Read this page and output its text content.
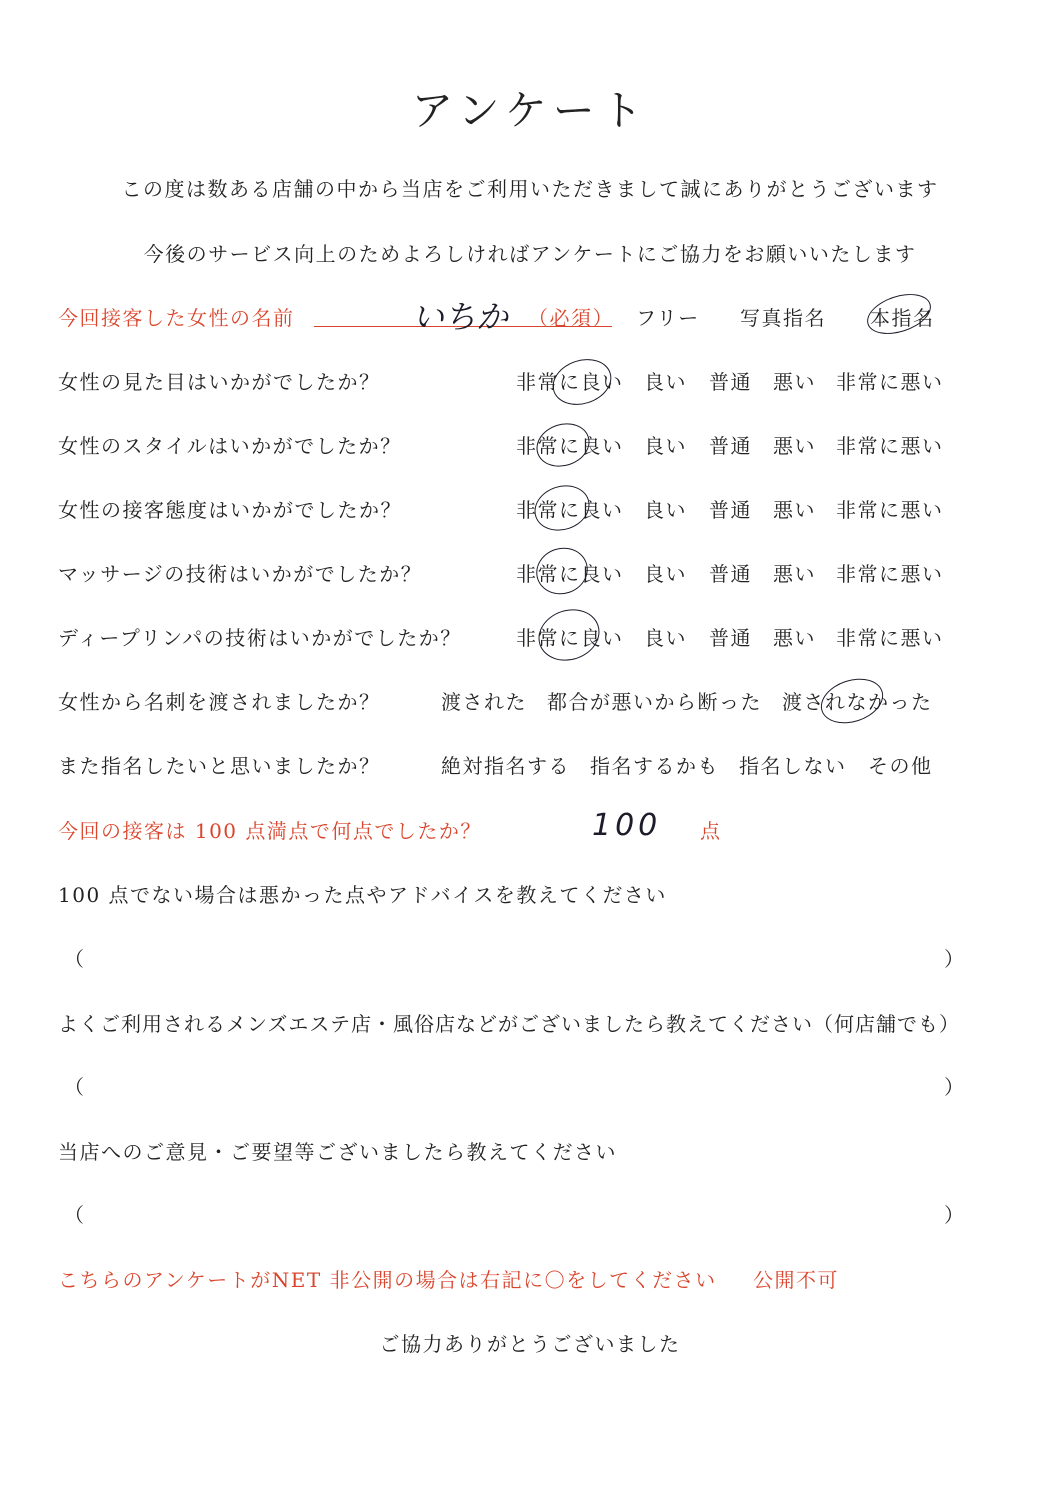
アンケート
この度は数ある店舗の中から当店をご利用いただきまして誠にありがとうございます
今後のサービス向上のためよろしければアンケートにご協力をお願いいたします
今回接客した女性の名前	いちか （必須） フリー 写真指名 本指名
女性の見た目はいかがでしたか？	非常に良い 良い 普通 悪い 非常に悪い
女性のスタイルはいかがでしたか？	非常に良い 良い 普通 悪い 非常に悪い
女性の接客態度はいかがでしたか？	非常に良い 良い 普通 悪い 非常に悪い
マッサージの技術はいかがでしたか？	非常に良い 良い 普通 悪い 非常に悪い
ディープリンパの技術はいかがでしたか？	非常に良い 良い 普通 悪い 非常に悪い
女性から名刺を渡されましたか？	渡された 都合が悪いから断った 渡されなかった
また指名したいと思いましたか？	絶対指名する 指名するかも 指名しない その他
今回の接客は 100 点満点で何点でしたか？	100 点
100 点でない場合は悪かった点やアドバイスを教えてください
（	）
よくご利用されるメンズエステ店・風俗店などがございましたら教えてください（何店舗でも）
（	）
当店へのご意見・ご要望等ございましたら教えてください
（	）
こちらのアンケートがNET 非公開の場合は右記に〇をしてください 公開不可
ご協力ありがとうございました
